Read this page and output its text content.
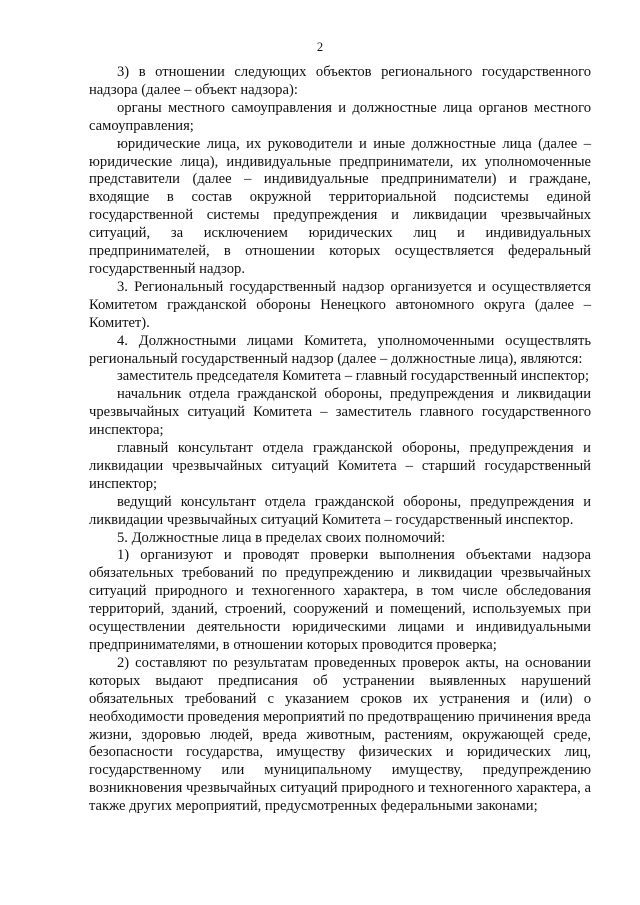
2

3) в отношении следующих объектов регионального государственного надзора (далее – объект надзора):

органы местного самоуправления и должностные лица органов местного самоуправления;

юридические лица, их руководители и иные должностные лица (далее – юридические лица), индивидуальные предприниматели, их уполномоченные представители (далее – индивидуальные предприниматели) и граждане, входящие в состав окружной территориальной подсистемы единой государственной системы предупреждения и ликвидации чрезвычайных ситуаций, за исключением юридических лиц и индивидуальных предпринимателей, в отношении которых осуществляется федеральный государственный надзор.

3. Региональный государственный надзор организуется и осуществляется Комитетом гражданской обороны Ненецкого автономного округа (далее – Комитет).

4. Должностными лицами Комитета, уполномоченными осуществлять региональный государственный надзор (далее – должностные лица), являются:

заместитель председателя Комитета – главный государственный инспектор;

начальник отдела гражданской обороны, предупреждения и ликвидации чрезвычайных ситуаций Комитета – заместитель главного государственного инспектора;

главный консультант отдела гражданской обороны, предупреждения и ликвидации чрезвычайных ситуаций Комитета – старший государственный инспектор;

ведущий консультант отдела гражданской обороны, предупреждения и ликвидации чрезвычайных ситуаций Комитета – государственный инспектор.

5. Должностные лица в пределах своих полномочий:

1) организуют и проводят проверки выполнения объектами надзора обязательных требований по предупреждению и ликвидации чрезвычайных ситуаций природного и техногенного характера, в том числе обследования территорий, зданий, строений, сооружений и помещений, используемых при осуществлении деятельности юридическими лицами и индивидуальными предпринимателями, в отношении которых проводится проверка;

2) составляют по результатам проведенных проверок акты, на основании которых выдают предписания об устранении выявленных нарушений обязательных требований с указанием сроков их устранения и (или) о необходимости проведения мероприятий по предотвращению причинения вреда жизни, здоровью людей, вреда животным, растениям, окружающей среде, безопасности государства, имуществу физических и юридических лиц, государственному или муниципальному имуществу, предупреждению возникновения чрезвычайных ситуаций природного и техногенного характера, а также других мероприятий, предусмотренных федеральными законами;
